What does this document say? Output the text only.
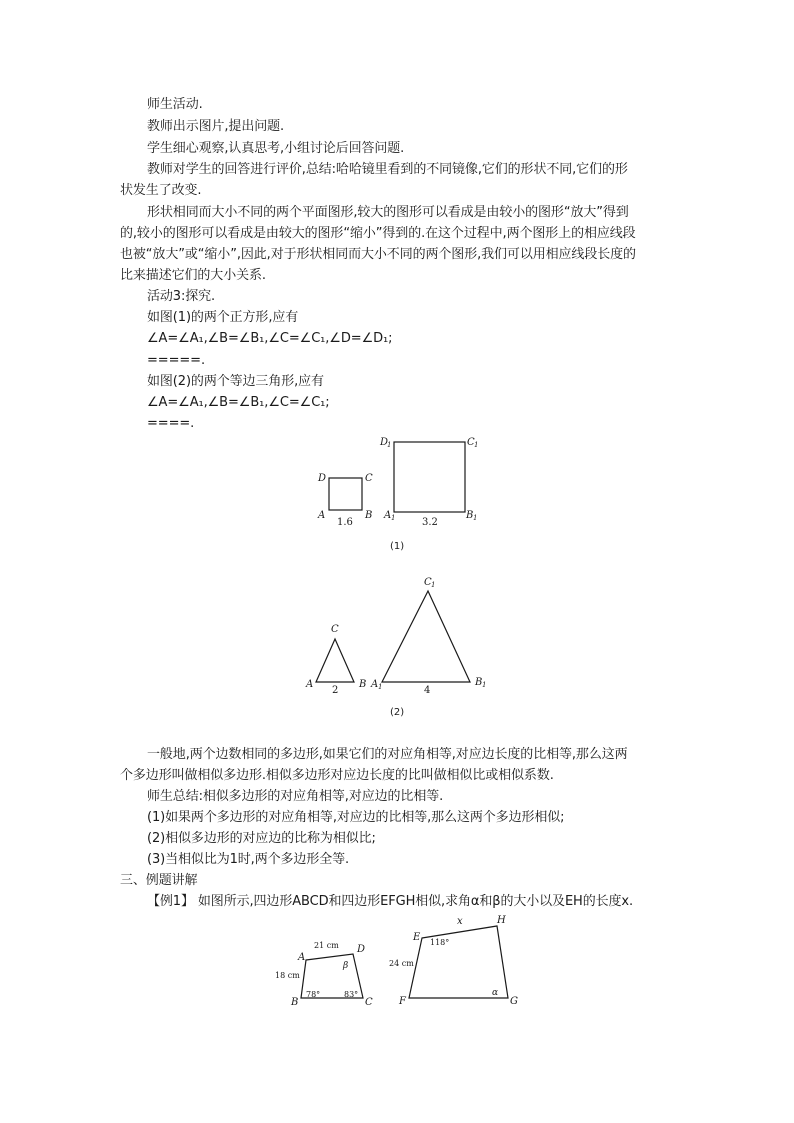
师生活动.
教师出示图片,提出问题.
学生细心观察,认真思考,小组讨论后回答问题.
教师对学生的回答进行评价,总结:哈哈镜里看到的不同镜像,它们的形状不同,它们的形
状发生了改变.
形状相同而大小不同的两个平面图形,较大的图形可以看成是由较小的图形“放大”得到
的,较小的图形可以看成是由较大的图形“缩小”得到的.在这个过程中,两个图形上的相应线段
也被“放大”或“缩小”,因此,对于形状相同而大小不同的两个图形,我们可以用相应线段长度的
比来描述它们的大小关系.
活动3:探究.
如图(1)的两个正方形,应有
∠A=∠A₁,∠B=∠B₁,∠C=∠C₁,∠D=∠D₁;
=====.
如图(2)的两个等边三角形,应有
∠A=∠A₁,∠B=∠B₁,∠C=∠C₁;
====.
D	C
A	B
1.6
D
1	C 1
A 1	B 1
3.2
(1)
C
A	B
2
C 1
A 1	B 1
4
(2)
一般地,两个边数相同的多边形,如果它们的对应角相等,对应边长度的比相等,那么这两
个多边形叫做相似多边形.相似多边形对应边长度的比叫做相似比或相似系数.
师生总结:相似多边形的对应角相等,对应边的比相等.
(1)如果两个多边形的对应角相等,对应边的比相等,那么这两个多边形相似;
(2)相似多边形的对应边的比称为相似比;
(3)当相似比为1时,两个多边形全等.
三、例题讲解
【例1】 如图所示,四边形ABCD和四边形EFGH相似,求角α和β的大小以及EH的长度x.
A
D
B	C
21 cm
18 cm
78°	83°
β
E
H
F	G
24 cm
118°
α
x
